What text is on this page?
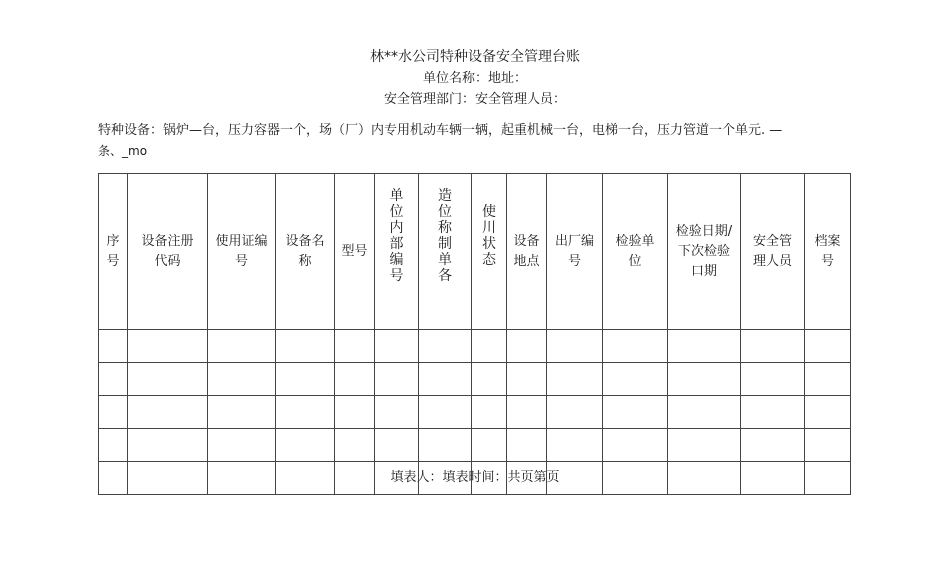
林**水公司特种设备安全管理台账
单位名称：地址：
安全管理部门：安全管理人员：
特种设备：锅炉—台，压力容器一个，场（厂）内专用机动车辆一辆，起重机械一台，电梯一台，压力管道一个单元. —
条、_mo
序号	设备注册代码	使用证编号	设备名称	型号	单位内部编号	造位称制单各	使川状态	设备地点	出厂编号	检验单位	检验日期/下次检验口期	安全管理人员	档案号

填表人：填表时间：共页第页
